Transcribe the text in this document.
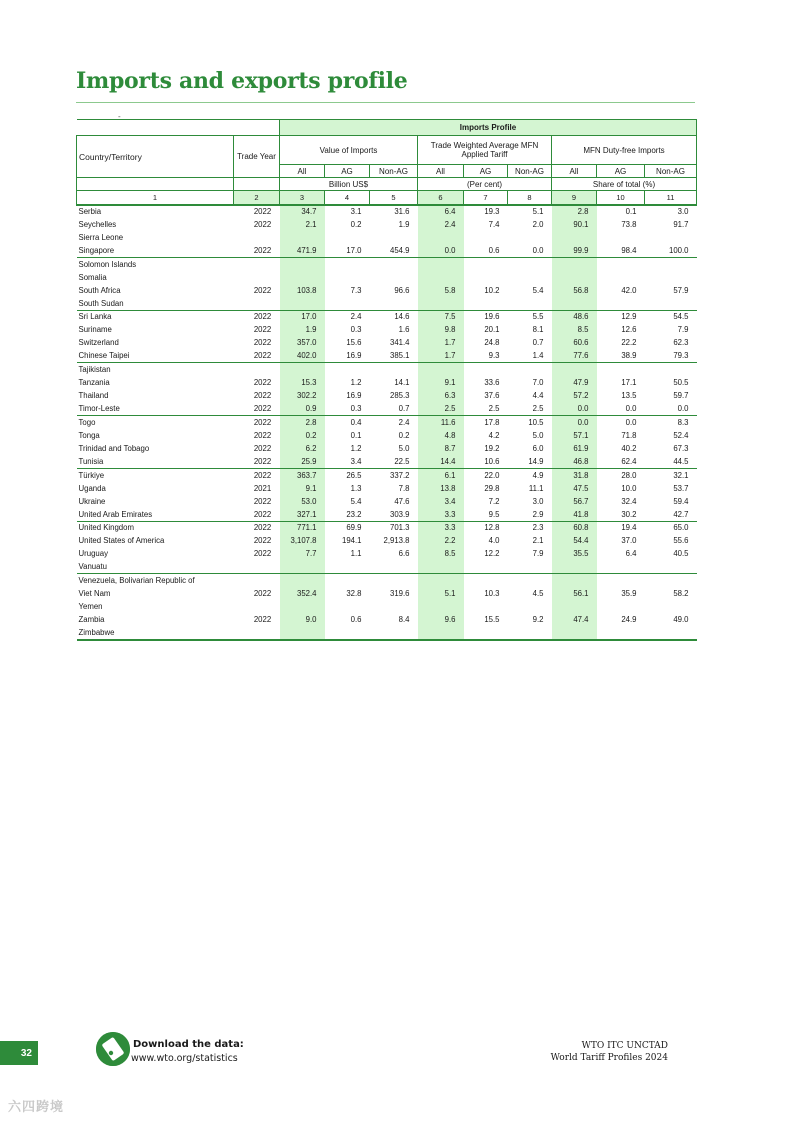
Imports and exports profile
-
		Imports Profile								
Country/Territory	Trade Year	Value of Imports			Trade Weighted Average MFN Applied Tariff			MFN Duty-free Imports		
		All	AG	Non-AG	All	AG	Non-AG	All	AG	Non-AG
		Billion US$			(Per cent)			Share of total (%)		
1	2	3	4	5	6	7	8	9	10	11
Serbia	2022	34.7	3.1	31.6	6.4	19.3	5.1	2.8	0.1	3.0
Seychelles	2022	2.1	0.2	1.9	2.4	7.4	2.0	90.1	73.8	91.7
Sierra Leone										
Singapore	2022	471.9	17.0	454.9	0.0	0.6	0.0	99.9	98.4	100.0
Solomon Islands										
Somalia										
South Africa	2022	103.8	7.3	96.6	5.8	10.2	5.4	56.8	42.0	57.9
South Sudan										
Sri Lanka	2022	17.0	2.4	14.6	7.5	19.6	5.5	48.6	12.9	54.5
Suriname	2022	1.9	0.3	1.6	9.8	20.1	8.1	8.5	12.6	7.9
Switzerland	2022	357.0	15.6	341.4	1.7	24.8	0.7	60.6	22.2	62.3
Chinese Taipei	2022	402.0	16.9	385.1	1.7	9.3	1.4	77.6	38.9	79.3
Tajikistan										
Tanzania	2022	15.3	1.2	14.1	9.1	33.6	7.0	47.9	17.1	50.5
Thailand	2022	302.2	16.9	285.3	6.3	37.6	4.4	57.2	13.5	59.7
Timor-Leste	2022	0.9	0.3	0.7	2.5	2.5	2.5	0.0	0.0	0.0
Togo	2022	2.8	0.4	2.4	11.6	17.8	10.5	0.0	0.0	8.3
Tonga	2022	0.2	0.1	0.2	4.8	4.2	5.0	57.1	71.8	52.4
Trinidad and Tobago	2022	6.2	1.2	5.0	8.7	19.2	6.0	61.9	40.2	67.3
Tunisia	2022	25.9	3.4	22.5	14.4	10.6	14.9	46.8	62.4	44.5
Türkiye	2022	363.7	26.5	337.2	6.1	22.0	4.9	31.8	28.0	32.1
Uganda	2021	9.1	1.3	7.8	13.8	29.8	11.1	47.5	10.0	53.7
Ukraine	2022	53.0	5.4	47.6	3.4	7.2	3.0	56.7	32.4	59.4
United Arab Emirates	2022	327.1	23.2	303.9	3.3	9.5	2.9	41.8	30.2	42.7
United Kingdom	2022	771.1	69.9	701.3	3.3	12.8	2.3	60.8	19.4	65.0
United States of America	2022	3,107.8	194.1	2,913.8	2.2	4.0	2.1	54.4	37.0	55.6
Uruguay	2022	7.7	1.1	6.6	8.5	12.2	7.9	35.5	6.4	40.5
Vanuatu										
Venezuela, Bolivarian Republic of										
Viet Nam	2022	352.4	32.8	319.6	5.1	10.3	4.5	56.1	35.9	58.2
Yemen										
Zambia	2022	9.0	0.6	8.4	9.6	15.5	9.2	47.4	24.9	49.0
Zimbabwe										
32
Download the data:
www.wto.org/statistics
WTO ITC UNCTAD
World Tariff Profiles 2024
六四跨境
